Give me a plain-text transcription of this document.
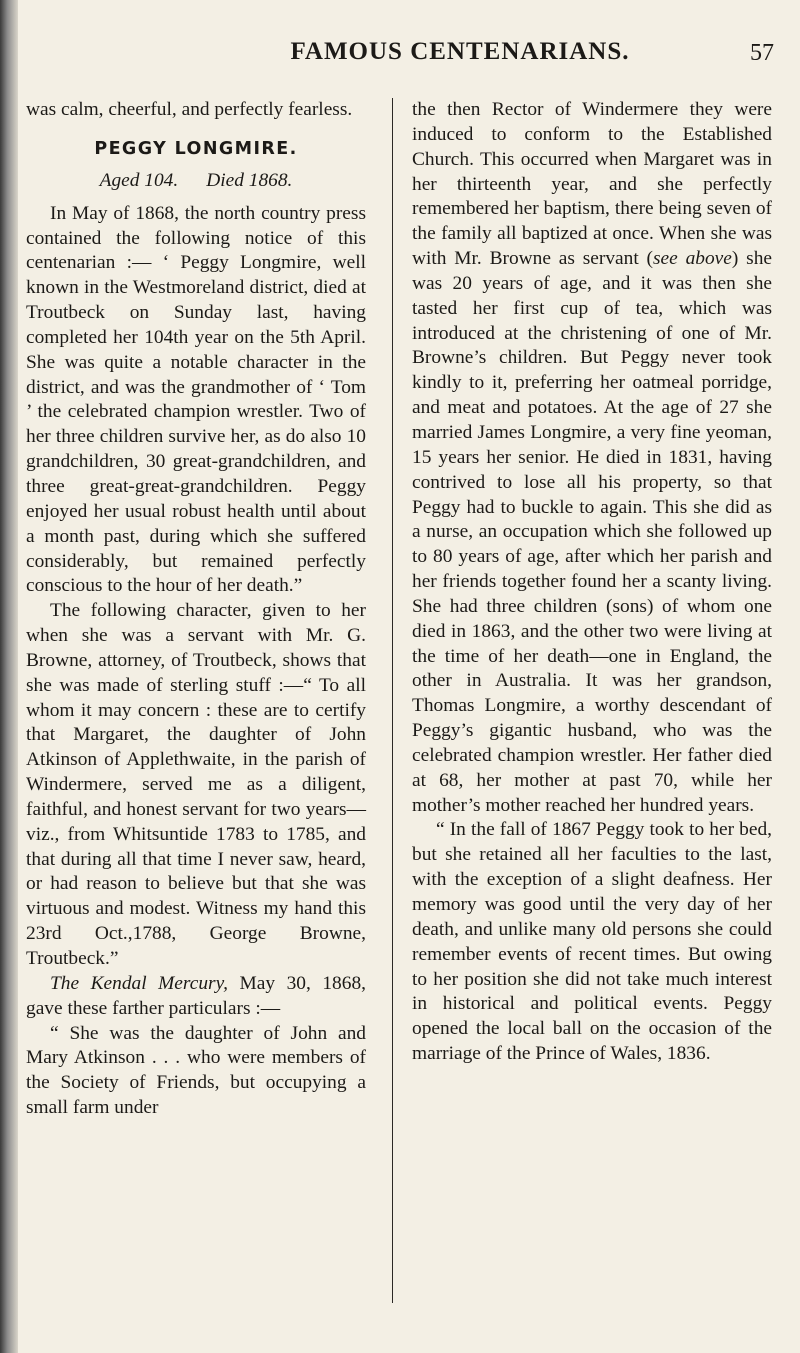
FAMOUS CENTENARIANS.	57

was calm, cheerful, and perfectly fearless.

PEGGY LONGMIRE.

Aged 104. Died 1868.

In May of 1868, the north country press contained the following notice of this centenarian :— ‘ Peggy Longmire, well known in the Westmoreland district, died at Troutbeck on Sunday last, having completed her 104th year on the 5th April. She was quite a notable character in the district, and was the grandmother of ‘ Tom ’ the celebrated champion wrestler. Two of her three children survive her, as do also 10 grandchildren, 30 great-grandchildren, and three great-great-grandchildren. Peggy enjoyed her usual robust health until about a month past, during which she suffered considerably, but remained perfectly conscious to the hour of her death.”

The following character, given to her when she was a servant with Mr. G. Browne, attorney, of Troutbeck, shows that she was made of sterling stuff :—“ To all whom it may concern : these are to certify that Margaret, the daughter of John Atkinson of Applethwaite, in the parish of Windermere, served me as a diligent, faithful, and honest servant for two years—viz., from Whitsuntide 1783 to 1785, and that during all that time I never saw, heard, or had reason to believe but that she was virtuous and modest. Witness my hand this 23rd Oct.,1788, George Browne, Troutbeck.”

The Kendal Mercury, May 30, 1868, gave these farther particulars :—

“ She was the daughter of John and Mary Atkinson . . . who were members of the Society of Friends, but occupying a small farm under

the then Rector of Windermere they were induced to conform to the Established Church. This occurred when Margaret was in her thirteenth year, and she perfectly remembered her baptism, there being seven of the family all baptized at once. When she was with Mr. Browne as servant (see above) she was 20 years of age, and it was then she tasted her first cup of tea, which was introduced at the christening of one of Mr. Browne’s children. But Peggy never took kindly to it, preferring her oatmeal porridge, and meat and potatoes. At the age of 27 she married James Longmire, a very fine yeoman, 15 years her senior. He died in 1831, having contrived to lose all his property, so that Peggy had to buckle to again. This she did as a nurse, an occupation which she followed up to 80 years of age, after which her parish and her friends together found her a scanty living. She had three children (sons) of whom one died in 1863, and the other two were living at the time of her death—one in England, the other in Australia. It was her grandson, Thomas Longmire, a worthy descendant of Peggy’s gigantic husband, who was the celebrated champion wrestler. Her father died at 68, her mother at past 70, while her mother’s mother reached her hundred years.

“ In the fall of 1867 Peggy took to her bed, but she retained all her faculties to the last, with the exception of a slight deafness. Her memory was good until the very day of her death, and unlike many old persons she could remember events of recent times. But owing to her position she did not take much interest in historical and political events. Peggy opened the local ball on the occasion of the marriage of the Prince of Wales, 1836.
